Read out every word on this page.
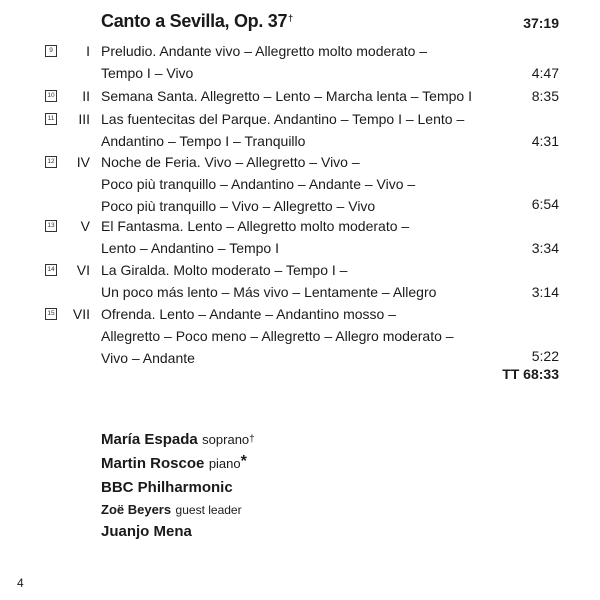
Canto a Sevilla, Op. 37†	37:19
9 I Preludio. Andante vivo – Allegretto molto moderato –
Tempo I – Vivo	4:47
10 II Semana Santa. Allegretto – Lento – Marcha lenta – Tempo I	8:35
11 III Las fuentecitas del Parque. Andantino – Tempo I – Lento –
Andantino – Tempo I – Tranquillo	4:31
12 IV Noche de Feria. Vivo – Allegretto – Vivo –
Poco più tranquillo – Andantino – Andante – Vivo –
Poco più tranquillo – Vivo – Allegretto – Vivo	6:54
13 V El Fantasma. Lento – Allegretto molto moderato –
Lento – Andantino – Tempo I	3:34
14 VI La Giralda. Molto moderato – Tempo I –
Un poco más lento – Más vivo – Lentamente – Allegro	3:14
15 VII Ofrenda. Lento – Andante – Andantino mosso –
Allegretto – Poco meno – Allegretto – Allegro moderato –
Vivo – Andante	5:22
TT 68:33
María Espada soprano†
Martin Roscoe piano*
BBC Philharmonic
Zoë Beyers guest leader
Juanjo Mena
4
